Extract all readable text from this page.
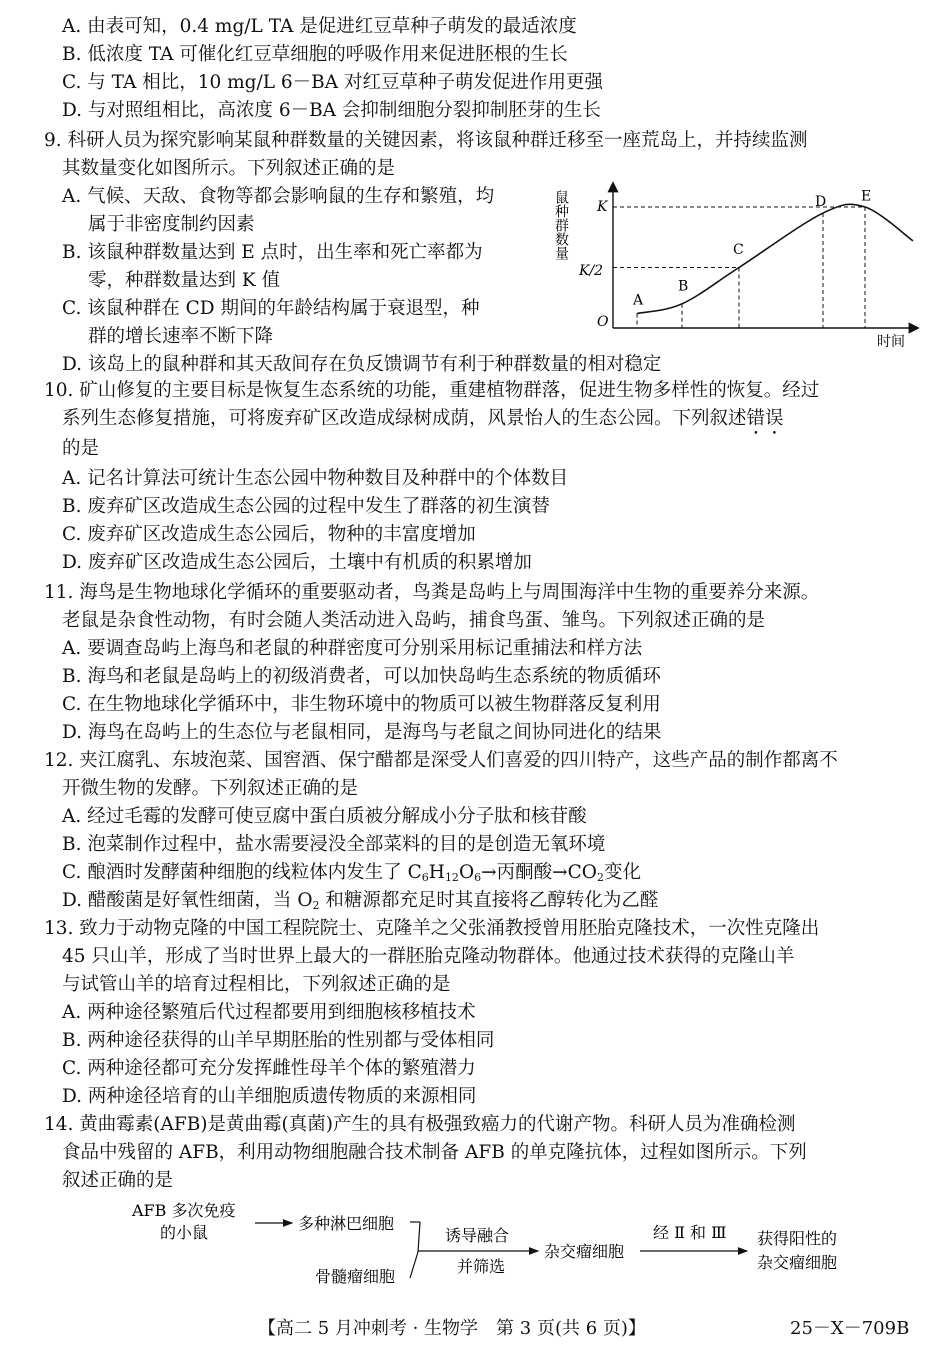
A. 由表可知，0.4 mg/L TA 是促进红豆草种子萌发的最适浓度
B. 低浓度 TA 可催化红豆草细胞的呼吸作用来促进胚根的生长
C. 与 TA 相比，10 mg/L 6－BA 对红豆草种子萌发促进作用更强
D. 与对照组相比，高浓度 6－BA 会抑制细胞分裂抑制胚芽的生长
9. 科研人员为探究影响某鼠种群数量的关键因素，将该鼠种群迁移至一座荒岛上，并持续监测
其数量变化如图所示。下列叙述正确的是
A. 气候、天敌、食物等都会影响鼠的生存和繁殖，均
属于非密度制约因素
B. 该鼠种群数量达到 E 点时，出生率和死亡率都为
零，种群数量达到 K 值
C. 该鼠种群在 CD 期间的年龄结构属于衰退型，种
群的增长速率不断下降
D. 该岛上的鼠种群和其天敌间存在负反馈调节有利于种群数量的相对稳定
鼠种群数量
时间
O
K/2
K
A
B
C
D E
10. 矿山修复的主要目标是恢复生态系统的功能，重建植物群落，促进生物多样性的恢复。经过
系列生态修复措施，可将废弃矿区改造成绿树成荫，风景怡人的生态公园。下列叙述错误
的是
A. 记名计算法可统计生态公园中物种数目及种群中的个体数目
B. 废弃矿区改造成生态公园的过程中发生了群落的初生演替
C. 废弃矿区改造成生态公园后，物种的丰富度增加
D. 废弃矿区改造成生态公园后，土壤中有机质的积累增加
11. 海鸟是生物地球化学循环的重要驱动者，鸟粪是岛屿上与周围海洋中生物的重要养分来源。
老鼠是杂食性动物，有时会随人类活动进入岛屿，捕食鸟蛋、雏鸟。下列叙述正确的是
A. 要调查岛屿上海鸟和老鼠的种群密度可分别采用标记重捕法和样方法
B. 海鸟和老鼠是岛屿上的初级消费者，可以加快岛屿生态系统的物质循环
C. 在生物地球化学循环中，非生物环境中的物质可以被生物群落反复利用
D. 海鸟在岛屿上的生态位与老鼠相同，是海鸟与老鼠之间协同进化的结果
12. 夹江腐乳、东坡泡菜、国窖酒、保宁醋都是深受人们喜爱的四川特产，这些产品的制作都离不
开微生物的发酵。下列叙述正确的是
A. 经过毛霉的发酵可使豆腐中蛋白质被分解成小分子肽和核苷酸
B. 泡菜制作过程中，盐水需要浸没全部菜料的目的是创造无氧环境
C. 酿酒时发酵菌种细胞的线粒体内发生了 $C_6H_{12}O_6\to$丙酮酸$\to CO_2$变化
D. 醋酸菌是好氧性细菌，当 $O_2$ 和糖源都充足时其直接将乙醇转化为乙醛
13. 致力于动物克隆的中国工程院院士、克隆羊之父张涌教授曾用胚胎克隆技术，一次性克隆出
45 只山羊，形成了当时世界上最大的一群胚胎克隆动物群体。他通过技术获得的克隆山羊
与试管山羊的培育过程相比，下列叙述正确的是
A. 两种途径繁殖后代过程都要用到细胞核移植技术
B. 两种途径获得的山羊早期胚胎的性别都与受体相同
C. 两种途径都可充分发挥雌性母羊个体的繁殖潜力
D. 两种途径培育的山羊细胞质遗传物质的来源相同
14. 黄曲霉素(AFB)是黄曲霉(真菌)产生的具有极强致癌力的代谢产物。科研人员为准确检测
食品中残留的 AFB，利用动物细胞融合技术制备 AFB 的单克隆抗体，过程如图所示。下列
叙述正确的是
AFB 多次免疫
的小鼠	多种淋巴细胞
骨髓瘤细胞
诱导融合
并筛选
杂交瘤细胞
经 Ⅱ 和 Ⅲ 获得阳性的
杂交瘤细胞
【高二 5 月冲刺考 · 生物学　第 3 页(共 6 页)】	25－X－709B
